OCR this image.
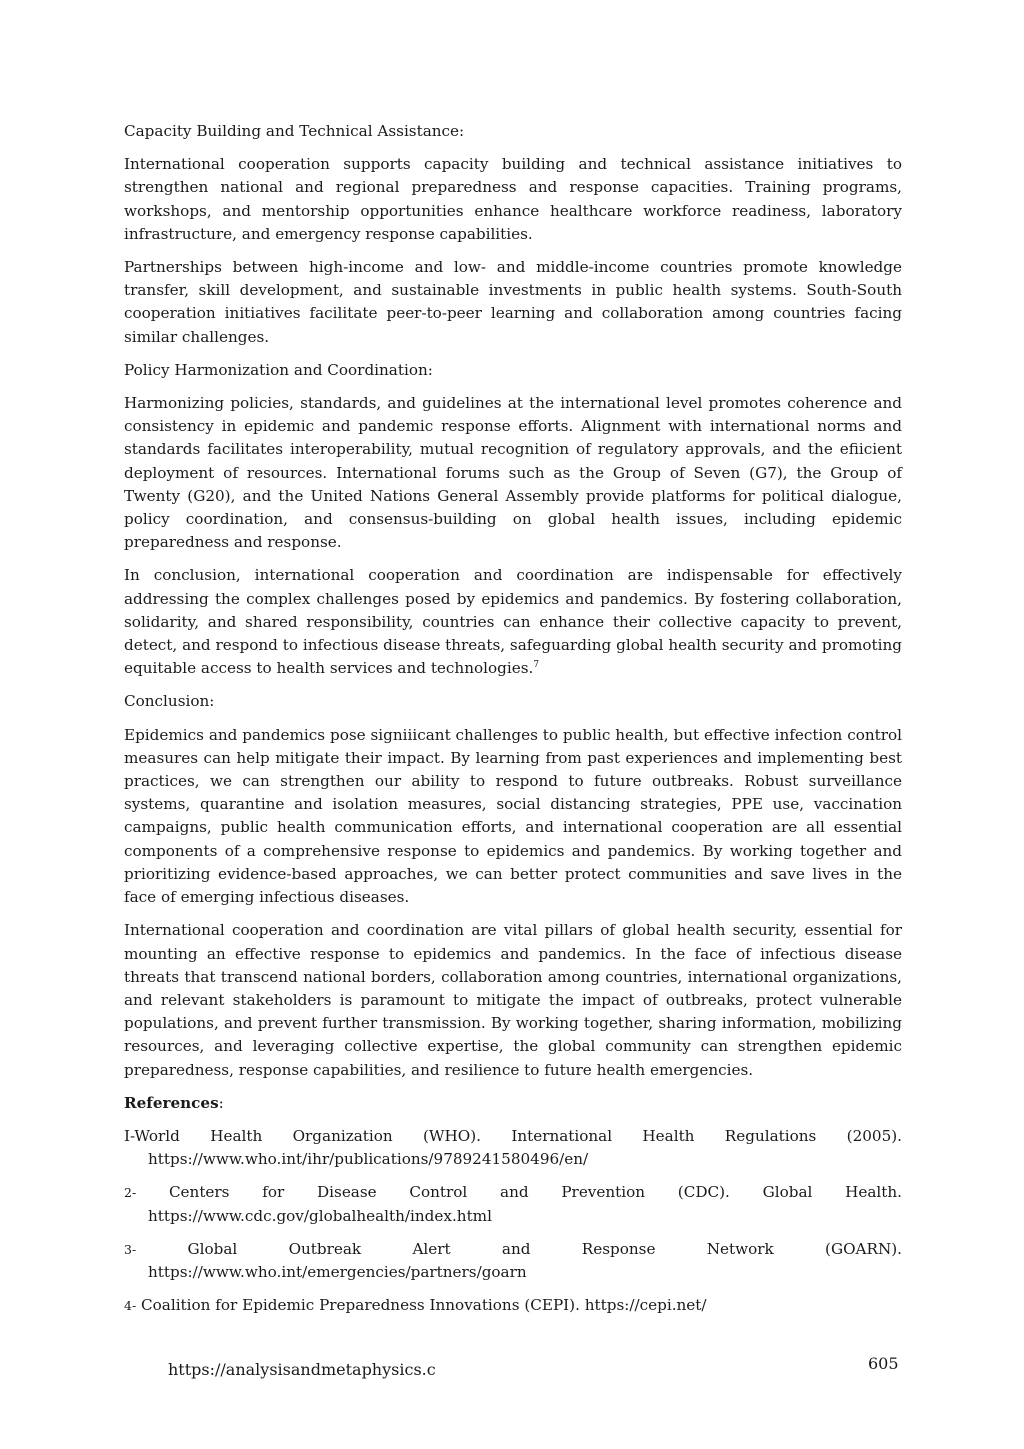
Capacity Building and Technical Assistance:

International cooperation supports capacity building and technical assistance initiatives to strengthen national and regional preparedness and response capacities. Training programs, workshops, and mentorship opportunities enhance healthcare workforce readiness, laboratory infrastructure, and emergency response capabilities.

Partnerships between high-income and low- and middle-income countries promote knowledge transfer, skill development, and sustainable investments in public health systems. South-South cooperation initiatives facilitate peer-to-peer learning and collaboration among countries facing similar challenges.

Policy Harmonization and Coordination:

Harmonizing policies, standards, and guidelines at the international level promotes coherence and consistency in epidemic and pandemic response efforts. Alignment with international norms and standards facilitates interoperability, mutual recognition of regulatory approvals, and the efiicient deployment of resources. International forums such as the Group of Seven (G7), the Group of Twenty (G20), and the United Nations General Assembly provide platforms for political dialogue, policy coordination, and consensus-building on global health issues, including epidemic preparedness and response.

In conclusion, international cooperation and coordination are indispensable for effectively addressing the complex challenges posed by epidemics and pandemics. By fostering collaboration, solidarity, and shared responsibility, countries can enhance their collective capacity to prevent, detect, and respond to infectious disease threats, safeguarding global health security and promoting equitable access to health services and technologies.$^7$

Conclusion:

Epidemics and pandemics pose signiiicant challenges to public health, but effective infection control measures can help mitigate their impact. By learning from past experiences and implementing best practices, we can strengthen our ability to respond to future outbreaks. Robust surveillance systems, quarantine and isolation measures, social distancing strategies, PPE use, vaccination campaigns, public health communication efforts, and international cooperation are all essential components of a comprehensive response to epidemics and pandemics. By working together and prioritizing evidence-based approaches, we can better protect communities and save lives in the face of emerging infectious diseases.

International cooperation and coordination are vital pillars of global health security, essential for mounting an effective response to epidemics and pandemics. In the face of infectious disease threats that transcend national borders, collaboration among countries, international organizations, and relevant stakeholders is paramount to mitigate the impact of outbreaks, protect vulnerable populations, and prevent further transmission. By working together, sharing information, mobilizing resources, and leveraging collective expertise, the global community can strengthen epidemic preparedness, response capabilities, and resilience to future health emergencies.

References:

I-World Health Organization (WHO). International Health Regulations (2005). https://www.who.int/ihr/publications/9789241580496/en/

2- Centers for Disease Control and Prevention (CDC). Global Health. https://www.cdc.gov/globalhealth/index.html

3-	Global Outbreak Alert and Response Network (GOARN). https://www.who.int/emergencies/partners/goarn

4- Coalition for Epidemic Preparedness Innovations (CEPI). https://cepi.net/

https://analysisandmetaphysics.c	605
